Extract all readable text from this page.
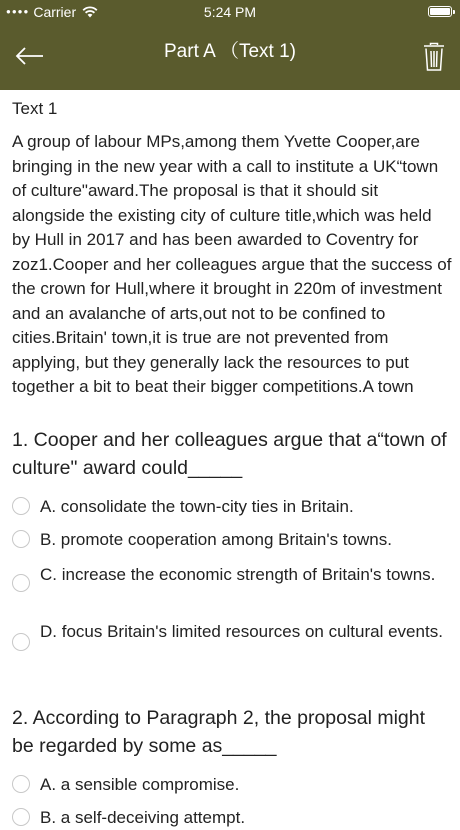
●●●● Carrier	5:24 PM
Part A （Text 1)
Text 1
A group of labour MPs,among them Yvette Cooper,are bringing in the new year with a call to institute a UK“town of culture"award.The proposal is that it should sit alongside the existing city of culture title,which was held by Hull in 2017 and has been awarded to Coventry for zoz1.Cooper and her colleagues argue that the success of the crown for Hull,where it brought in 220m of investment and an avalanche of arts,out not to be confined to cities.Britain' town,it is true are not prevented from applying, but they generally lack the resources to put together a bit to beat their bigger competitions.A town
1. Cooper and her colleagues argue that a“town of culture" award could_____
A. consolidate the town-city ties in Britain.
B. promote cooperation among Britain's towns.
C. increase the economic strength of Britain's towns.
D. focus Britain's limited resources on cultural events.
2. According to Paragraph 2, the proposal might be regarded by some as_____
A. a sensible compromise.
B. a self-deceiving attempt.
